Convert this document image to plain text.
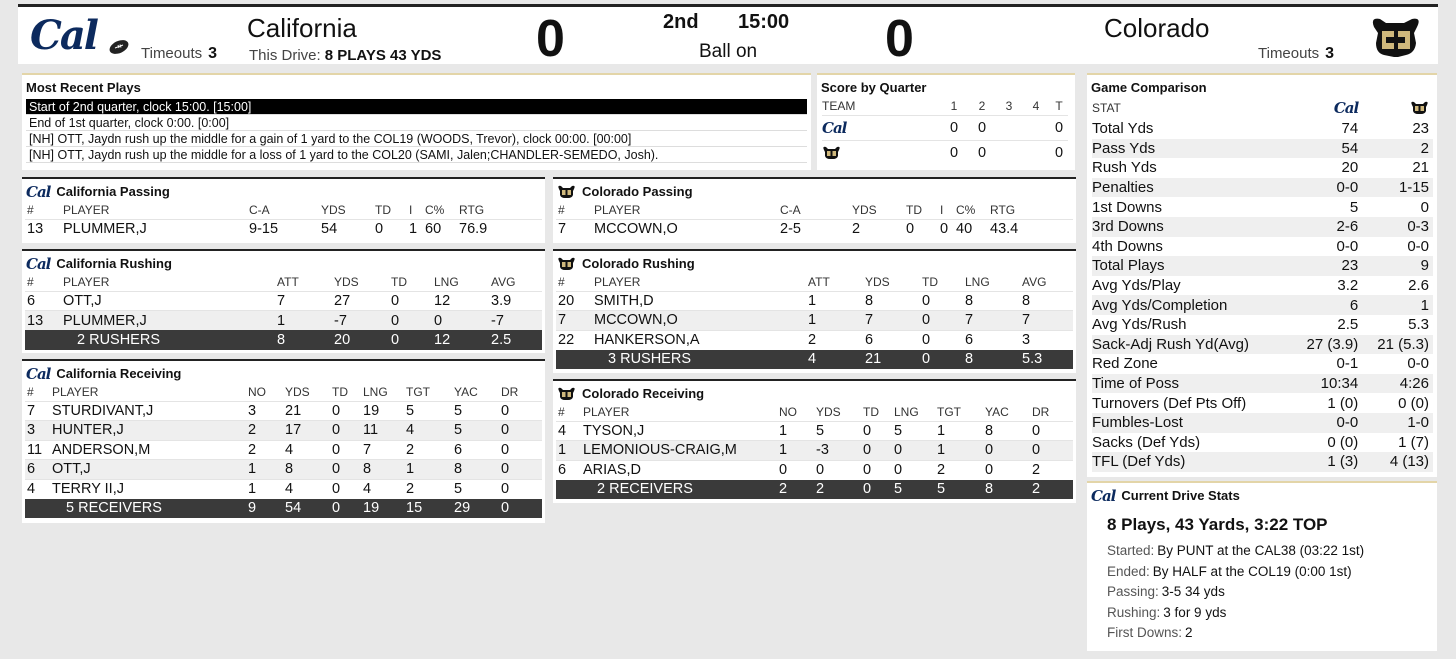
Cal	Timeouts 3
California
This Drive: 8 PLAYS 43 YDS 0	2nd 15:00
Ball on 0	Colorado
Timeouts 3
Most Recent Plays
Start of 2nd quarter, clock 15:00. [15:00]
End of 1st quarter, clock 0:00. [0:00]
[NH] OTT, Jaydn rush up the middle for a gain of 1 yard to the COL19 (WOODS, Trevor), clock 00:00. [00:00]
[NH] OTT, Jaydn rush up the middle for a loss of 1 yard to the COL20 (SAMI, Jalen;CHANDLER-SEMEDO, Josh).
Score by Quarter
TEAM	1	2	3	4	T
Cal	0	0			0
	0	0			0
Game Comparison
STAT	Cal	
Total Yds	74	23
Pass Yds	54	2
Rush Yds	20	21
Penalties	0-0	1-15
1st Downs	5	0
3rd Downs	2-6	0-3
4th Downs	0-0	0-0
Total Plays	23	9
Avg Yds/Play	3.2	2.6
Avg Yds/Completion	6	1
Avg Yds/Rush	2.5	5.3
Sack-Adj Rush Yd(Avg)	27 (3.9)	21 (5.3)
Red Zone	0-1	0-0
Time of Poss	10:34	4:26
Turnovers (Def Pts Off)	1 (0)	0 (0)
Fumbles-Lost	0-0	1-0
Sacks (Def Yds)	0 (0)	1 (7)
TFL (Def Yds)	1 (3)	4 (13)
Cal Current Drive Stats
8 Plays, 43 Yards, 3:22 TOP
Started: By PUNT at the CAL38 (03:22 1st)
Ended: By HALF at the COL19 (0:00 1st)
Passing: 3-5 34 yds
Rushing: 3 for 9 yds
First Downs: 2
Cal California Passing
#	PLAYER	C-A	YDS	TD	I	C%	RTG
13	PLUMMER,J	9-15	54	0	1	60	76.9
Colorado Passing
#	PLAYER	C-A	YDS	TD	I	C%	RTG
7	MCCOWN,O	2-5	2	0	0	40	43.4
Cal California Rushing
#	PLAYER	ATT	YDS	TD	LNG	AVG
6	OTT,J	7	27	0	12	3.9
13	PLUMMER,J	1	-7	0	0	-7
	2 RUSHERS	8	20	0	12	2.5
Colorado Rushing
#	PLAYER	ATT	YDS	TD	LNG	AVG
20	SMITH,D	1	8	0	8	8
7	MCCOWN,O	1	7	0	7	7
22	HANKERSON,A	2	6	0	6	3
	3 RUSHERS	4	21	0	8	5.3
Cal California Receiving
#	PLAYER	NO	YDS	TD	LNG	TGT	YAC	DR
7	STURDIVANT,J	3	21	0	19	5	5	0
3	HUNTER,J	2	17	0	11	4	5	0
11	ANDERSON,M	2	4	0	7	2	6	0
6	OTT,J	1	8	0	8	1	8	0
4	TERRY II,J	1	4	0	4	2	5	0
	5 RECEIVERS	9	54	0	19	15	29	0
Colorado Receiving
#	PLAYER	NO	YDS	TD	LNG	TGT	YAC	DR
4	TYSON,J	1	5	0	5	1	8	0
1	LEMONIOUS-CRAIG,M	1	-3	0	0	1	0	0
6	ARIAS,D	0	0	0	0	2	0	2
	2 RECEIVERS	2	2	0	5	5	8	2
